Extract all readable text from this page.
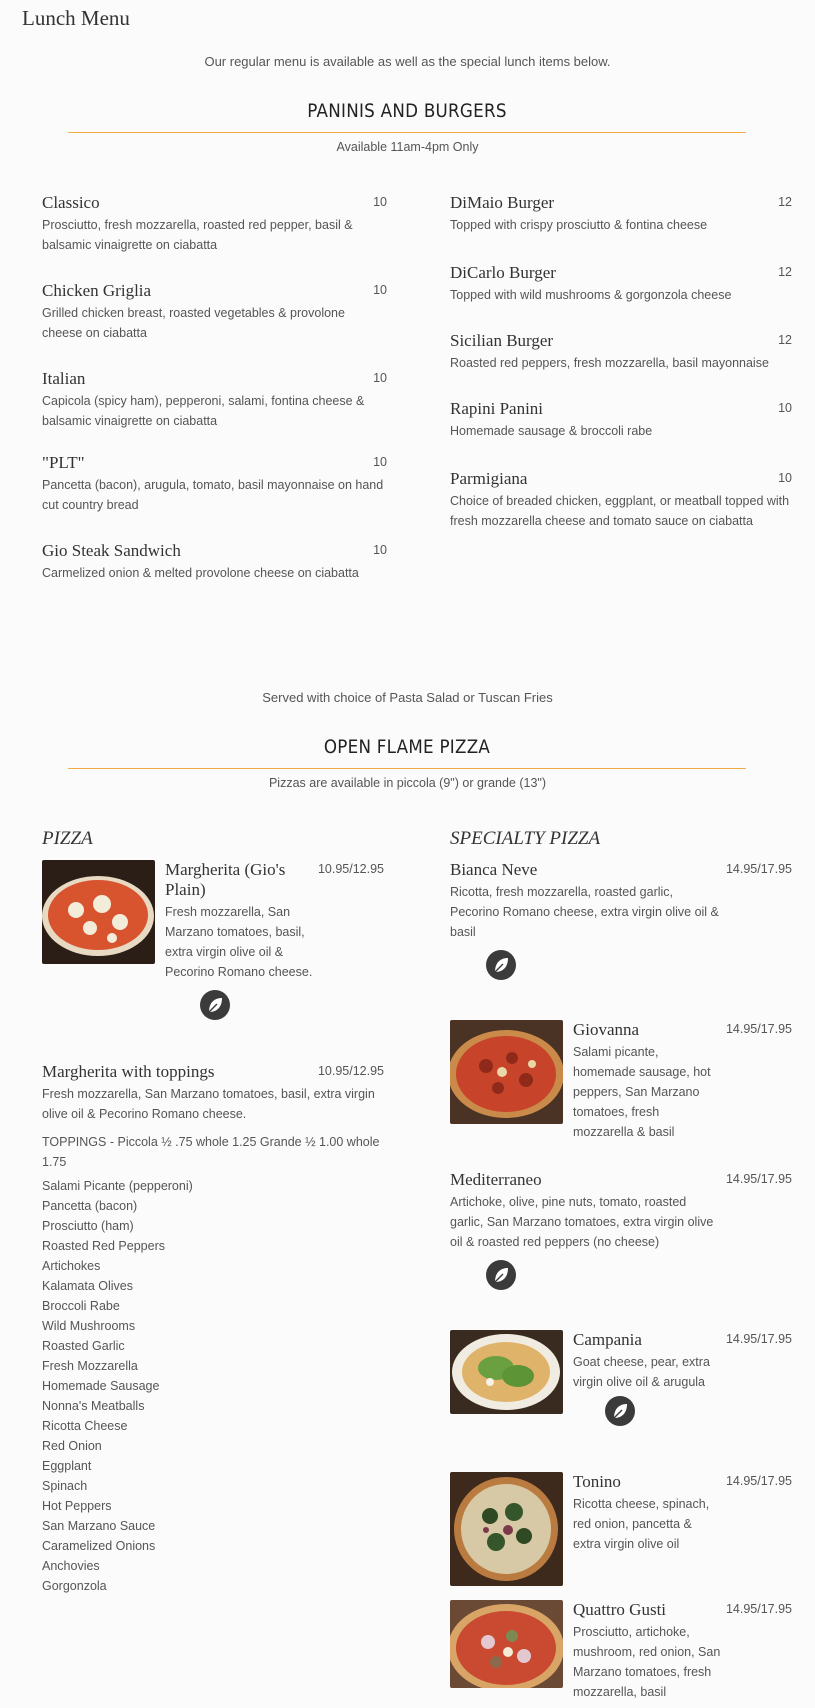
Lunch Menu
Our regular menu is available as well as the special lunch items below.
PANINIS AND BURGERS
Available 11am-4pm Only
Classico	10
Prosciutto, fresh mozzarella, roasted red pepper, basil & balsamic vinaigrette on ciabatta
Chicken Griglia	10
Grilled chicken breast, roasted vegetables & provolone cheese on ciabatta
Italian	10
Capicola (spicy ham), pepperoni, salami, fontina cheese & balsamic vinaigrette on ciabatta
"PLT"	10
Pancetta (bacon), arugula, tomato, basil mayonnaise on hand cut country bread
Gio Steak Sandwich	10
Carmelized onion & melted provolone cheese on ciabatta
DiMaio Burger	12
Topped with crispy prosciutto & fontina cheese
DiCarlo Burger	12
Topped with wild mushrooms & gorgonzola cheese
Sicilian Burger	12
Roasted red peppers, fresh mozzarella, basil mayonnaise
Rapini Panini	10
Homemade sausage & broccoli rabe
Parmigiana	10
Choice of breaded chicken, eggplant, or meatball topped with fresh mozzarella cheese and tomato sauce on ciabatta
Served with choice of Pasta Salad or Tuscan Fries
OPEN FLAME PIZZA
Pizzas are available in piccola (9") or grande (13")
PIZZA
Margherita (Gio's Plain)
10.95/12.95
Fresh mozzarella, San Marzano tomatoes, basil, extra virgin olive oil & Pecorino Romano cheese.
Margherita with toppings	10.95/12.95
Fresh mozzarella, San Marzano tomatoes, basil, extra virgin olive oil & Pecorino Romano cheese.
TOPPINGS - Piccola ½ .75 whole 1.25 Grande ½ 1.00 whole 1.75
Salami Picante (pepperoni)
Pancetta (bacon)
Prosciutto (ham)
Roasted Red Peppers
Artichokes
Kalamata Olives
Broccoli Rabe
Wild Mushrooms
Roasted Garlic
Fresh Mozzarella
Homemade Sausage
Nonna's Meatballs
Ricotta Cheese
Red Onion
Eggplant
Spinach
Hot Peppers
San Marzano Sauce
Caramelized Onions
Anchovies
Gorgonzola
SPECIALTY PIZZA
Bianca Neve	14.95/17.95
Ricotta, fresh mozzarella, roasted garlic, Pecorino Romano cheese, extra virgin olive oil & basil
Giovanna	14.95/17.95
Salami picante, homemade sausage, hot peppers, San Marzano tomatoes, fresh mozzarella & basil
Mediterraneo	14.95/17.95
Artichoke, olive, pine nuts, tomato, roasted garlic, San Marzano tomatoes, extra virgin olive oil & roasted red peppers (no cheese)
Campania	14.95/17.95
Goat cheese, pear, extra virgin olive oil & arugula
Tonino	14.95/17.95
Ricotta cheese, spinach, red onion, pancetta & extra virgin olive oil
Quattro Gusti	14.95/17.95
Prosciutto, artichoke, mushroom, red onion, San Marzano tomatoes, fresh mozzarella, basil
